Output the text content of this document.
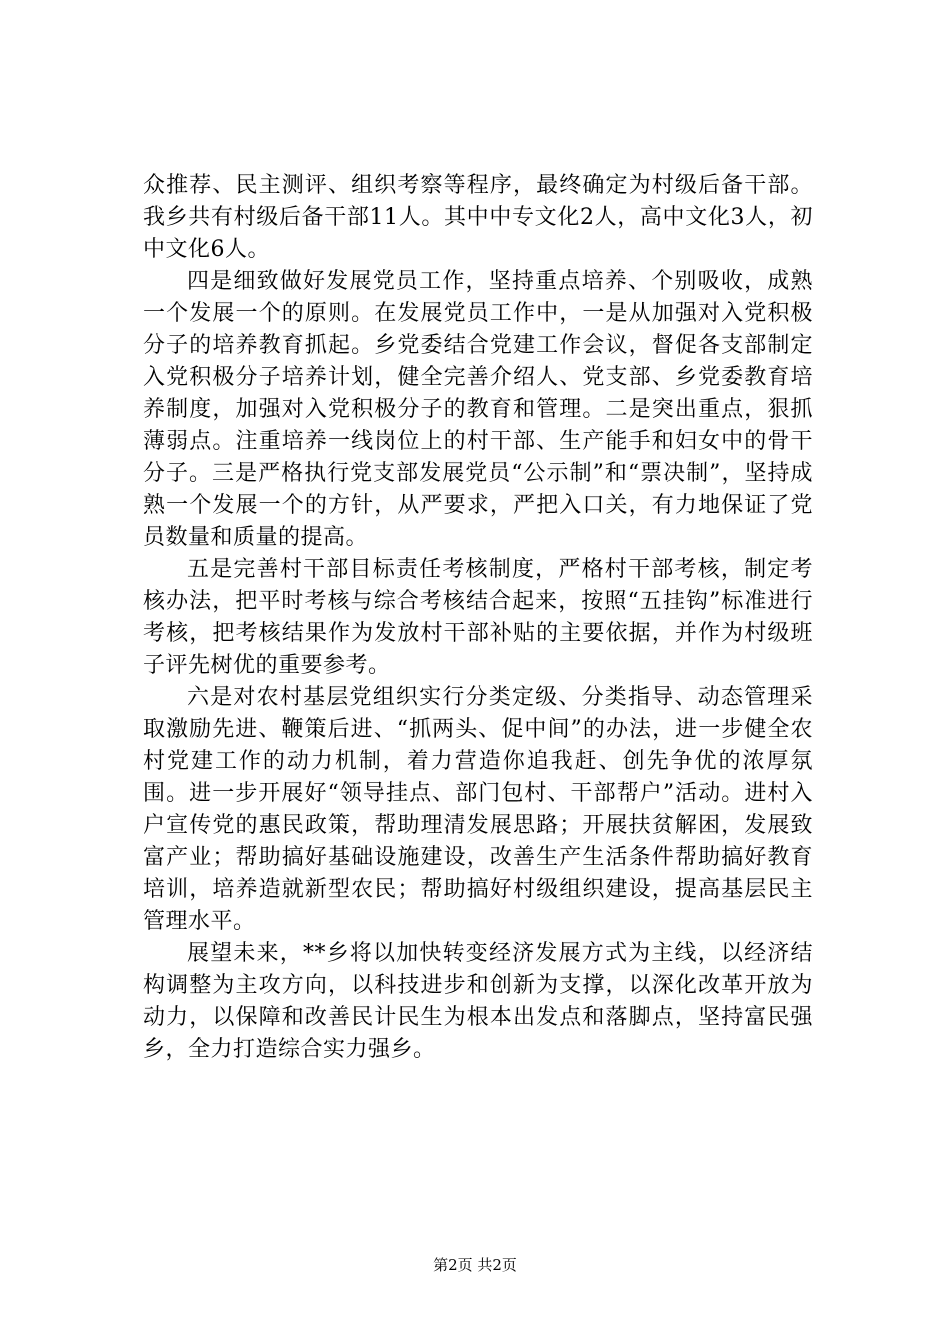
众推荐、民主测评、组织考察等程序，最终确定为村级后备干部。我乡共有村级后备干部11人。其中中专文化2人，高中文化3人，初中文化6人。

四是细致做好发展党员工作，坚持重点培养、个别吸收，成熟一个发展一个的原则。在发展党员工作中，一是从加强对入党积极分子的培养教育抓起。乡党委结合党建工作会议，督促各支部制定入党积极分子培养计划，健全完善介绍人、党支部、乡党委教育培养制度，加强对入党积极分子的教育和管理。二是突出重点，狠抓薄弱点。注重培养一线岗位上的村干部、生产能手和妇女中的骨干分子。三是严格执行党支部发展党员“公示制”和“票决制”，坚持成熟一个发展一个的方针，从严要求，严把入口关，有力地保证了党员数量和质量的提高。

五是完善村干部目标责任考核制度，严格村干部考核，制定考核办法，把平时考核与综合考核结合起来，按照“五挂钩”标准进行考核，把考核结果作为发放村干部补贴的主要依据，并作为村级班子评先树优的重要参考。

六是对农村基层党组织实行分类定级、分类指导、动态管理采取激励先进、鞭策后进、“抓两头、促中间”的办法，进一步健全农村党建工作的动力机制，着力营造你追我赶、创先争优的浓厚氛围。进一步开展好“领导挂点、部门包村、干部帮户”活动。进村入户宣传党的惠民政策，帮助理清发展思路；开展扶贫解困，发展致富产业；帮助搞好基础设施建设，改善生产生活条件帮助搞好教育培训，培养造就新型农民；帮助搞好村级组织建设，提高基层民主管理水平。

展望未来，**乡将以加快转变经济发展方式为主线，以经济结构调整为主攻方向，以科技进步和创新为支撑，以深化改革开放为动力，以保障和改善民计民生为根本出发点和落脚点，坚持富民强乡，全力打造综合实力强乡。

第2页 共2页
